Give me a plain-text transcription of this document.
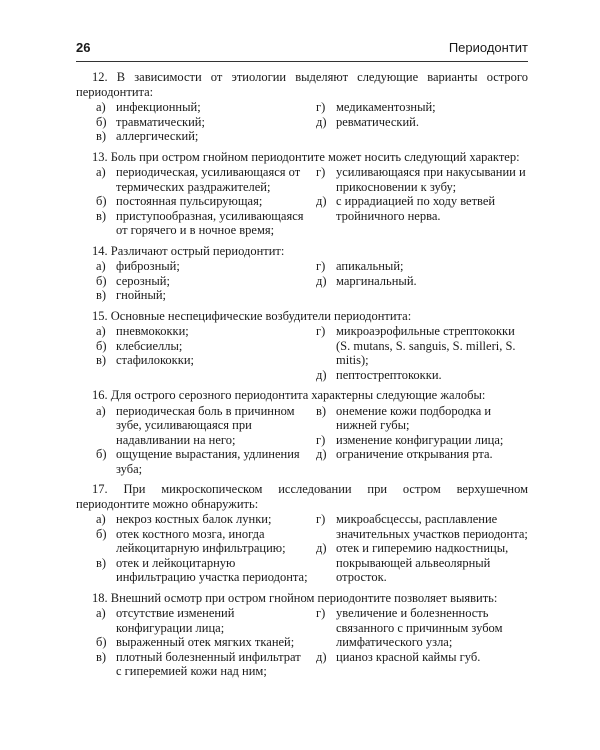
26	Периодонтит
12. В зависимости от этиологии выделяют следующие варианты острого периодонтита:
а) инфекционный;
б) травматический;
в) аллергический;
г) медикаментозный;
д) ревматический.
13. Боль при остром гнойном периодонтите может носить следующий характер:
а) периодическая, усиливающаяся от термических раздражителей;
б) постоянная пульсирующая;
в) приступообразная, усиливающаяся от горячего и в ночное время;
г) усиливающаяся при накусывании и прикосновении к зубу;
д) с иррадиацией по ходу ветвей тройничного нерва.
14. Различают острый периодонтит:
а) фиброзный;
б) серозный;
в) гнойный;
г) апикальный;
д) маргинальный.
15. Основные неспецифические возбудители периодонтита:
а) пневмококки;
б) клебсиеллы;
в) стафилококки;
г) микроаэрофильные стрептококки (S. mutans, S. sanguis, S. milleri, S. mitis);
д) пептострептококки.
16. Для острого серозного периодонтита характерны следующие жалобы:
а) периодическая боль в причинном зубе, усиливающаяся при надавливании на него;
б) ощущение вырастания, удлинения зуба;
в) онемение кожи подбородка и нижней губы;
г) изменение конфигурации лица;
д) ограничение открывания рта.
17. При микроскопическом исследовании при остром верхушечном периодонтите можно обнаружить:
а) некроз костных балок лунки;
б) отек костного мозга, иногда лейкоцитарную инфильтрацию;
в) отек и лейкоцитарную инфильтрацию участка периодонта;
г) микроабсцессы, расплавление значительных участков периодонта;
д) отек и гиперемию надкостницы, покрывающей альвеолярный отросток.
18. Внешний осмотр при остром гнойном периодонтите позволяет выявить:
а) отсутствие изменений конфигурации лица;
б) выраженный отек мягких тканей;
в) плотный болезненный инфильтрат с гиперемией кожи над ним;
г) увеличение и болезненность связанного с причинным зубом лимфатического узла;
д) цианоз красной каймы губ.
